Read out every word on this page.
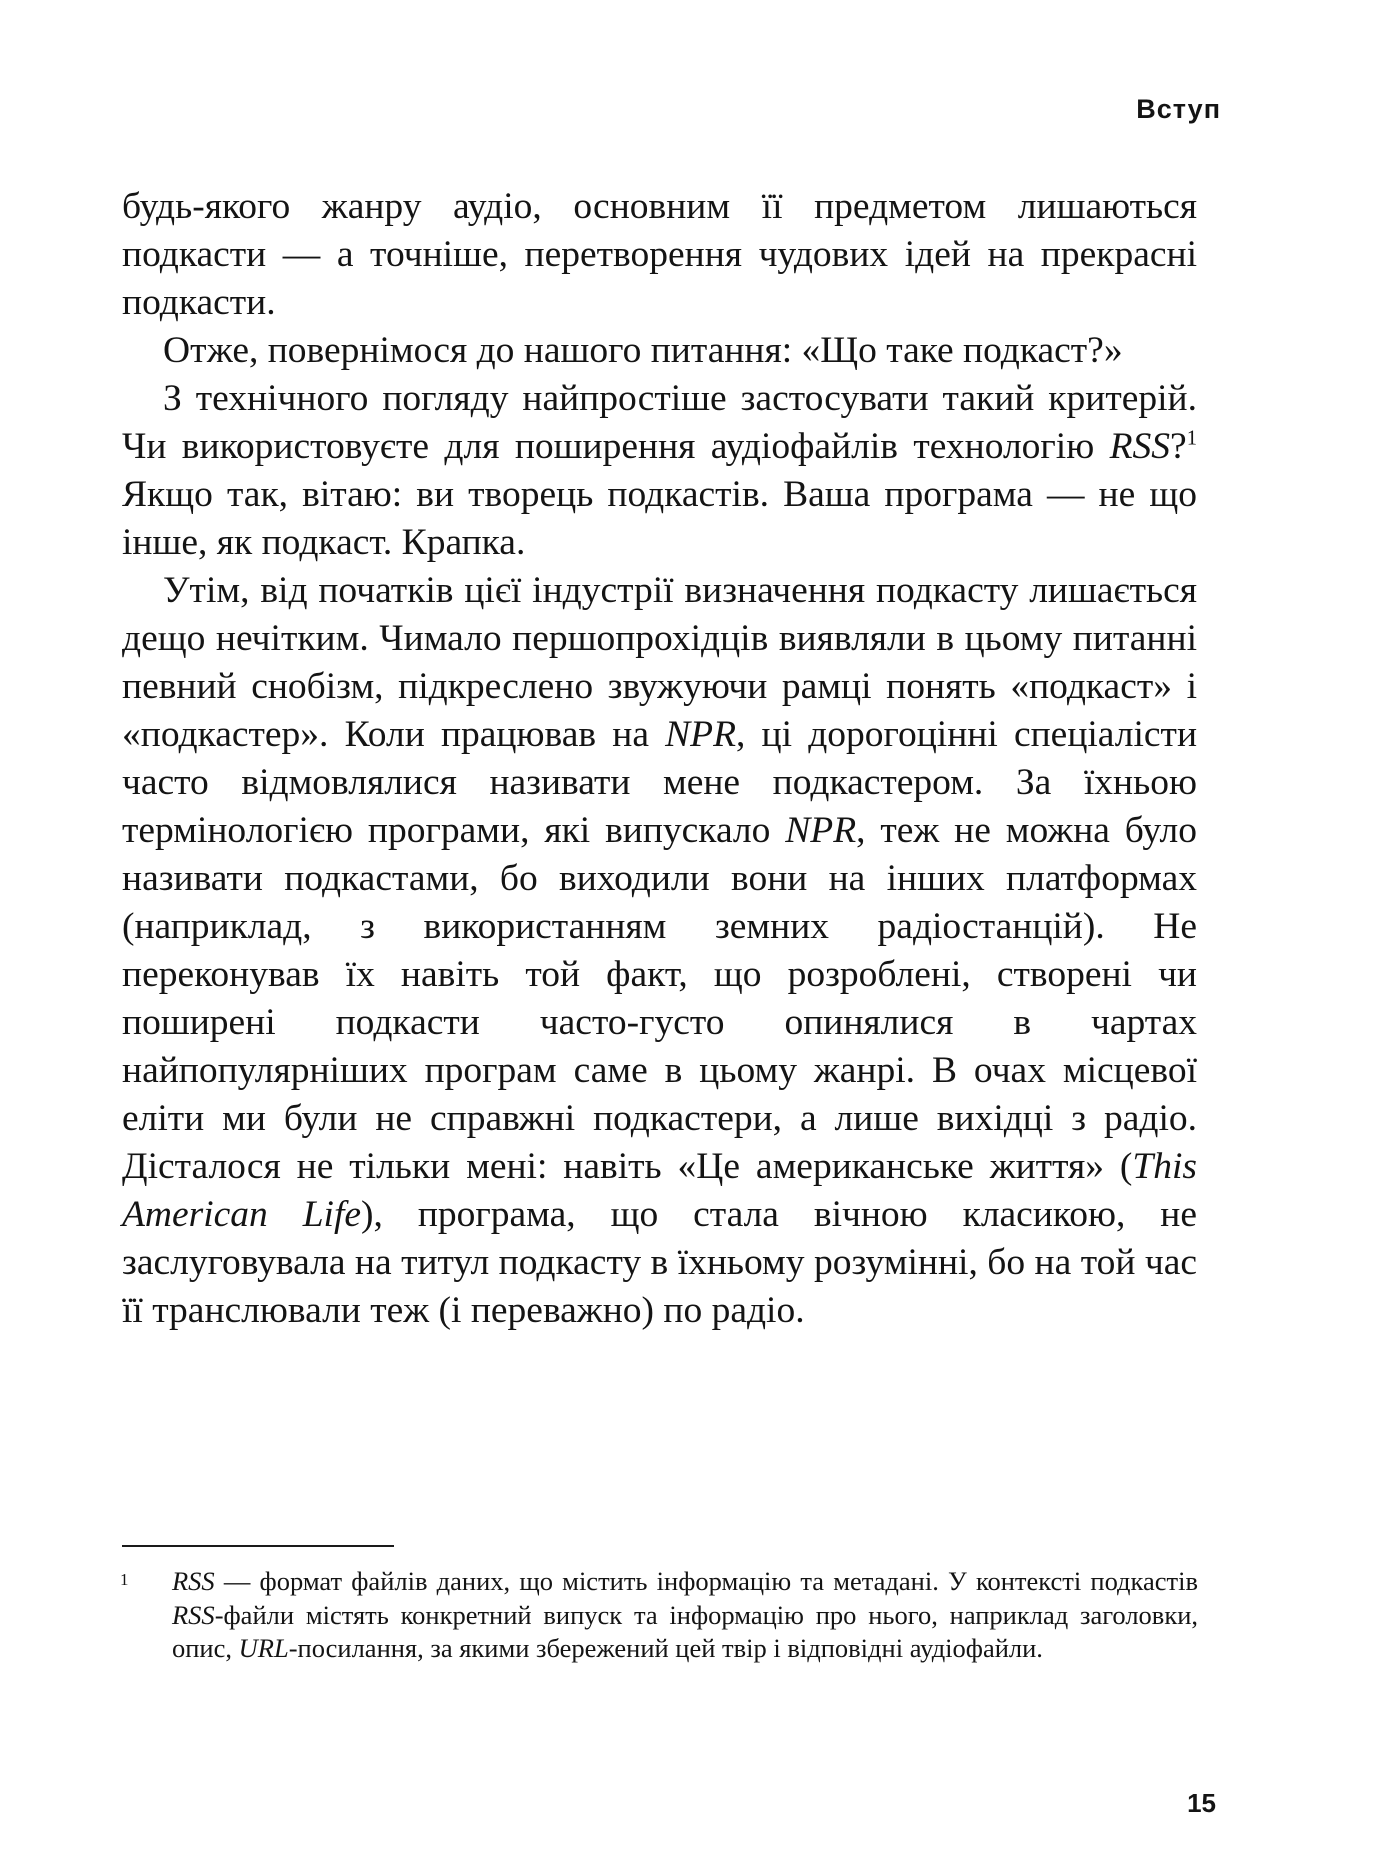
Вступ

будь-якого жанру аудіо, основним її предметом лишаються подкасти — а точніше, перетворення чудових ідей на прекрасні подкасти.

Отже, повернімося до нашого питання: «Що таке подкаст?»

З технічного погляду найпростіше застосувати такий критерій. Чи використовуєте для поширення аудіофайлів технологію RSS?$^1$ Якщо так, вітаю: ви творець подкастів. Ваша програма — не що інше, як подкаст. Крапка.

Утім, від початків цієї індустрії визначення подкасту лишається дещо нечітким. Чимало першопрохідців виявляли в цьому питанні певний снобізм, підкреслено звужуючи рамці понять «подкаст» і «подкастер». Коли працював на NPR, ці дорогоцінні спеціалісти часто відмовлялися називати мене подкастером. За їхньою термінологією програми, які випускало NPR, теж не можна було називати подкастами, бо виходили вони на інших платформах (наприклад, з використанням земних радіостанцій). Не переконував їх навіть той факт, що розроблені, створені чи поширені подкасти часто-густо опинялися в чартах найпопулярніших програм саме в цьому жанрі. В очах місцевої еліти ми були не справжні подкастери, а лише вихідці з радіо. Дісталося не тільки мені: навіть «Це американське життя» (This American Life), програма, що стала вічною класикою, не заслуговувала на титул подкасту в їхньому розумінні, бо на той час її транслювали теж (і переважно) по радіо.

1 RSS — формат файлів даних, що містить інформацію та метадані. У контексті подкастів RSS-файли містять конкретний випуск та інформацію про нього, наприклад заголовки, опис, URL-посилання, за якими збережений цей твір і відповідні аудіофайли.
15
